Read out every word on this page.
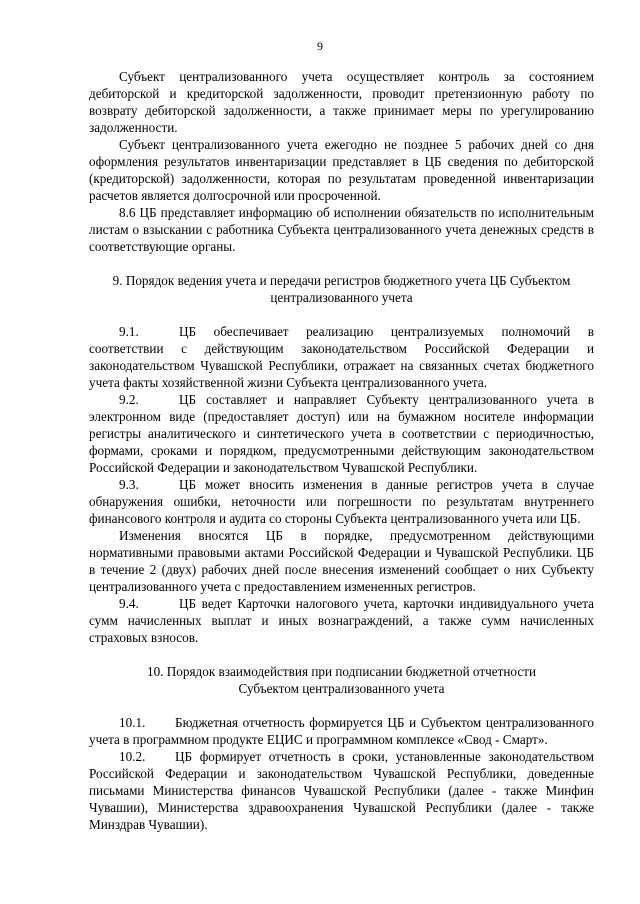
9

Субъект централизованного учета осуществляет контроль за состоянием дебиторской и кредиторской задолженности, проводит претензионную работу по возврату дебиторской задолженности, а также принимает меры по урегулированию задолженности.

Субъект централизованного учета ежегодно не позднее 5 рабочих дней со дня оформления результатов инвентаризации представляет в ЦБ сведения по дебиторской (кредиторской) задолженности, которая по результатам проведенной инвентаризации расчетов является долгосрочной или просроченной.

8.6 ЦБ представляет информацию об исполнении обязательств по исполнительным листам о взыскании с работника Субъекта централизованного учета денежных средств в соответствующие органы.

9. Порядок ведения учета и передачи регистров бюджетного учета ЦБ Субъектом

централизованного учета

9.1.	ЦБ обеспечивает реализацию централизуемых полномочий в соответствии с действующим законодательством Российской Федерации и законодательством Чувашской Республики, отражает на связанных счетах бюджетного учета факты хозяйственной жизни Субъекта централизованного учета.

9.2.	ЦБ составляет и направляет Субъекту централизованного учета в электронном виде (предоставляет доступ) или на бумажном носителе информации регистры аналитического и синтетического учета в соответствии с периодичностью, формами, сроками и порядком, предусмотренными действующим законодательством Российской Федерации и законодательством Чувашской Республики.

9.3.	ЦБ может вносить изменения в данные регистров учета в случае обнаружения ошибки, неточности или погрешности по результатам внутреннего финансового контроля и аудита со стороны Субъекта централизованного учета или ЦБ.

Изменения вносятся ЦБ в порядке, предусмотренном действующими нормативными правовыми актами Российской Федерации и Чувашской Республики. ЦБ в течение 2 (двух) рабочих дней после внесения изменений сообщает о них Субъекту централизованного учета с предоставлением измененных регистров.

9.4.	ЦБ ведет Карточки налогового учета, карточки индивидуального учета сумм начисленных выплат и иных вознаграждений, а также сумм начисленных страховых взносов.

10. Порядок взаимодействия при подписании бюджетной отчетности

Субъектом централизованного учета

10.1. Бюджетная отчетность формируется ЦБ и Субъектом централизованного учета в программном продукте ЕЦИС и программном комплексе «Свод - Смарт».

10.2. ЦБ формирует отчетность в сроки, установленные законодательством Российской Федерации и законодательством Чувашской Республики, доведенные письмами Министерства финансов Чувашской Республики (далее - также Минфин Чувашии), Министерства здравоохранения Чувашской Республики (далее - также Минздрав Чувашии).
